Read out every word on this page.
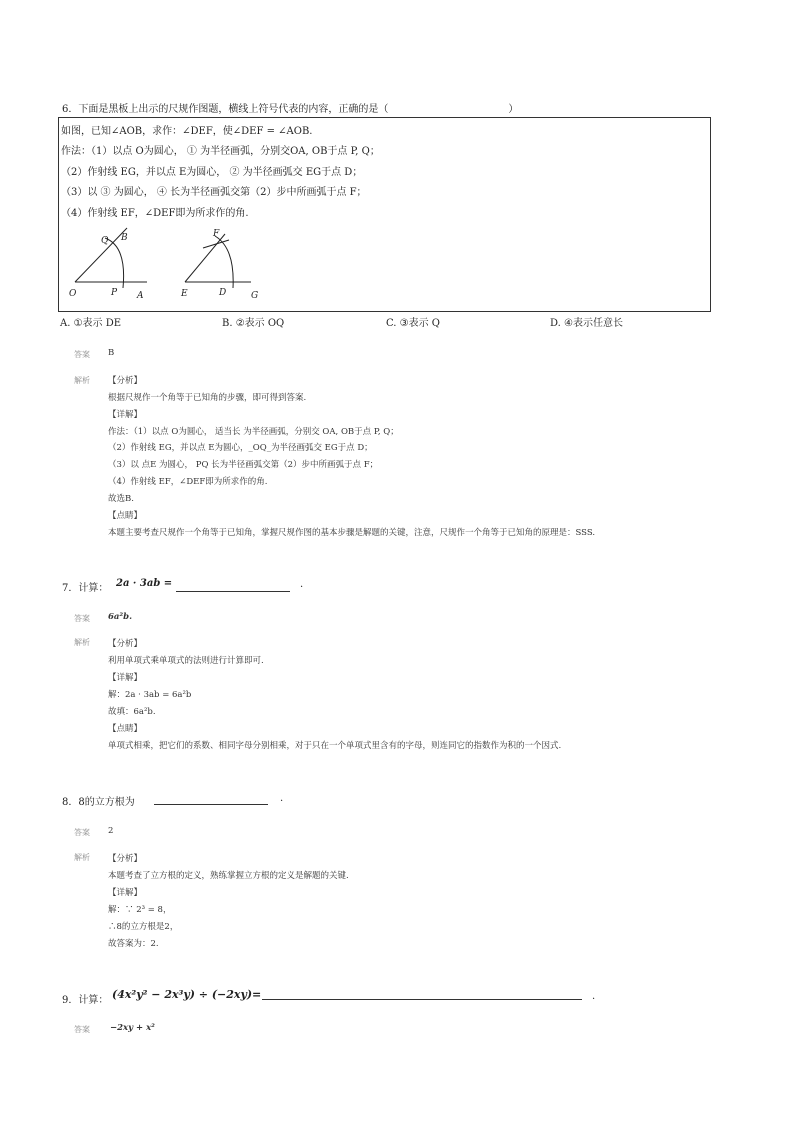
6．下面是黑板上出示的尺规作图题，横线上符号代表的内容，正确的是（　　　　　　　　　　　　）
如图，已知∠AOB，求作：∠DEF，使∠DEF = ∠AOB.
作法：（1）以点 O为圆心， ① 为半径画弧，分别交OA, OB于点 P, Q；
（2）作射线 EG，并以点 E为圆心， ② 为半径画弧交 EG于点 D；
（3）以 ③ 为圆心， ④ 长为半径画弧交第（2）步中所画弧于点 F；
（4）作射线 EF，∠DEF即为所求作的角.
Q B
O	P A
F
E	D	G
A. ①表示 DE	B. ②表示 OQ	C. ③表示 Q	D. ④表示任意长
答案 B
解析 【分析】
根据尺规作一个角等于已知角的步骤，即可得到答案.
【详解】
作法：（1）以点 O为圆心， 适当长 为半径画弧，分别交 OA, OB于点 P, Q；
（2）作射线 EG，并以点 E为圆心，_OQ_为半径画弧交 EG于点 D；
（3）以 点E 为圆心， PQ 长为半径画弧交第（2）步中所画弧于点 F；
（4）作射线 EF，∠DEF即为所求作的角.
故选B.
【点睛】
本题主要考查尺规作一个角等于已知角，掌握尺规作图的基本步骤是解题的关键，注意，尺规作一个角等于已知角的原理是：SSS.
7．计算： 2a · 3ab =	.
答案 6a²b.
解析 【分析】
利用单项式乘单项式的法则进行计算即可.
【详解】
解：2a · 3ab = 6a²b
故填：6a²b.
【点睛】
单项式相乘，把它们的系数、相同字母分别相乘，对于只在一个单项式里含有的字母，则连同它的指数作为积的一个因式.
8．8的立方根为	.
答案 2
解析 【分析】
本题考查了立方根的定义，熟练掌握立方根的定义是解题的关键.
【详解】
解：∵ 2³ = 8，
∴8的立方根是2，
故答案为：2.
9．计算： (4x²y² − 2x³y) ÷ (−2xy)=	.
答案 −2xy + x²
